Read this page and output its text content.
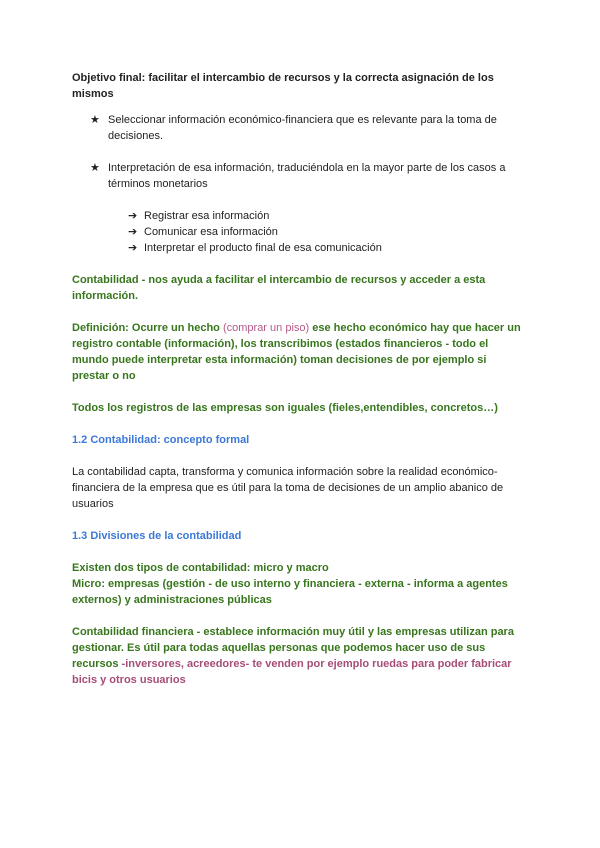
Objetivo final: facilitar el intercambio de recursos y la correcta asignación de los mismos

★ Seleccionar información económico-financiera que es relevante para la toma de decisiones.
★ Interpretación de esa información, traduciéndola en la mayor parte de los casos a términos monetarios
➔ Registrar esa información
➔ Comunicar esa información
➔ Interpretar el producto final de esa comunicación

Contabilidad - nos ayuda a facilitar el intercambio de recursos y acceder a esta información.

Definición: Ocurre un hecho (comprar un piso) ese hecho económico hay que hacer un registro contable (información), los transcribimos (estados financieros - todo el mundo puede interpretar esta información) toman decisiones de por ejemplo si prestar o no

Todos los registros de las empresas son iguales (fieles,entendibles, concretos…)

1.2 Contabilidad: concepto formal

La contabilidad capta, transforma y comunica información sobre la realidad económico-financiera de la empresa que es útil para la toma de decisiones de un amplio abanico de usuarios

1.3 Divisiones de la contabilidad

Existen dos tipos de contabilidad: micro y macro

Micro: empresas (gestión - de uso interno y financiera - externa - informa a agentes externos) y administraciones públicas

Contabilidad financiera - establece información muy útil y las empresas utilizan para gestionar. Es útil para todas aquellas personas que podemos hacer uso de sus recursos -inversores, acreedores- te venden por ejemplo ruedas para poder fabricar bicis y otros usuarios
